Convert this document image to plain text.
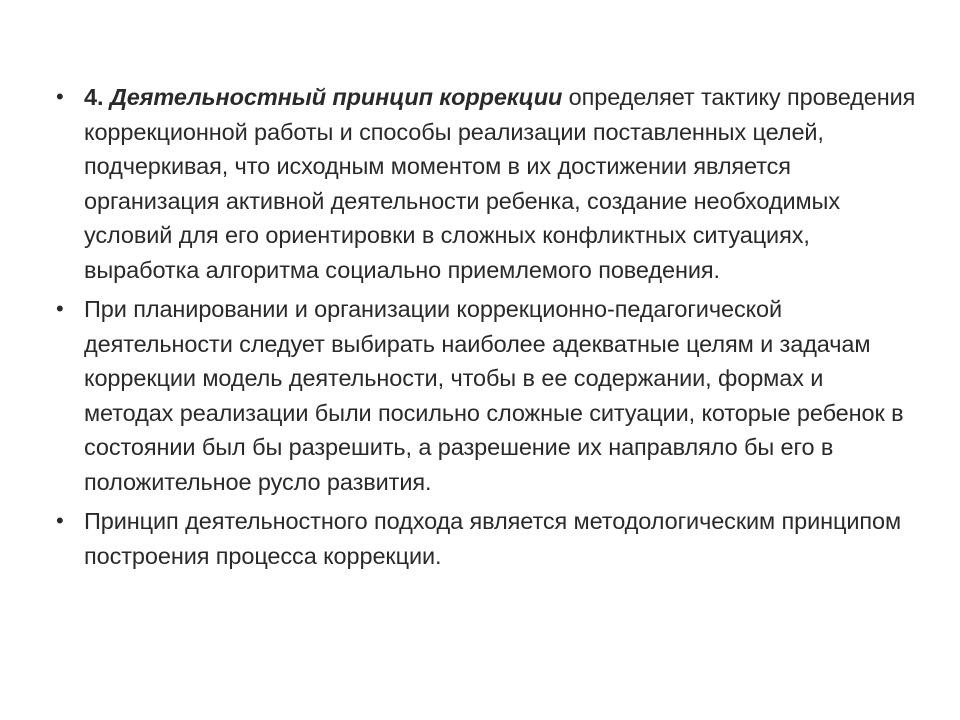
• 4. Деятельностный принцип коррекции определяет тактику проведения коррекционной работы и способы реализации поставленных целей, подчеркивая, что исходным моментом в их достижении является организация активной деятельности ребенка, создание необходимых условий для его ориентировки в сложных конфликтных ситуациях, выработка алгоритма социально приемлемого поведения.
• При планировании и организации коррекционно-педагогической деятельности следует выбирать наиболее адекватные целям и задачам коррекции модель деятельности, чтобы в ее содержании, формах и методах реализации были посильно сложные ситуации, которые ребенок в состоянии был бы разрешить, а разрешение их направляло бы его в положительное русло развития.
• Принцип деятельностного подхода является методологическим принципом построения процесса коррекции.
